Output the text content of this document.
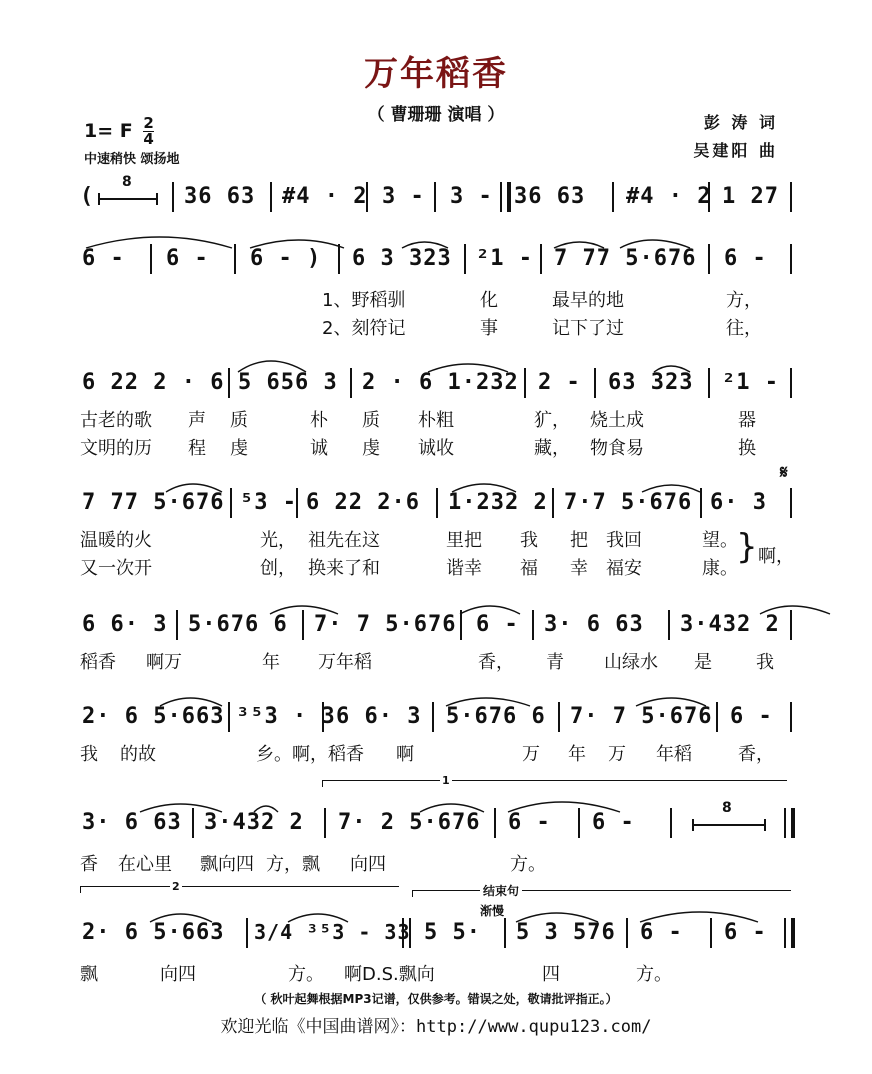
万年稻香
（ 曹珊珊 演唱 ）
1= F $\frac{2}{4}$
中速稍快 颂扬地
彭 涛 词
吴建阳 曲
(
8
36 63 #4 · 2 3 - 3 - 36 63 #4 · 2 1 27
6 - 6 - 6 - ) 6 3 323 ²1 - 7 77 5·676 6 -
1、野稻驯	化	最早的地	方，
2、刻符记	事	记下了过	往，
6 22 2 · 6 5 656 3 2 · 6 1·232 2 - 63 323 ²1 -
古老的歌 声 质	朴 质 朴粗	犷， 烧土成	器
文明的历 程 虔	诚 虔 诚收	藏， 物食易	换
𝄋
7 77 5·676 ⁵3 - 6 22 2·6 1·232 2 7·7 5·676 6· 3
温暖的火	光， 祖先在这	里把 我 把 我回	望。
又一次开	创， 换来了和	谐幸 福 幸 福安	康。
} 啊，
6 6· 3 5·676 6 7· 7 5·676 6 - 3· 6 63 3·432 2
稻香 啊万	年 万年稻	香， 青 山绿水 是 我
2· 6 5·663 ³⁵3 · 3 6 6· 3 5·676 6 7· 7 5·676 6 -
我 的故	乡。啊，稻香 啊	万 年 万 年稻	香，
1
3· 6 63 3·432 2 7· 2 5·676 6 - 6 -
8
香 在心里 飘向四 方，飘 向四	方。
2	结束句
渐慢
2· 6 5·663 3/4 ³⁵3 - 33 5 5· 5 3 576 6 - 6 -
飘	向四	方。 啊D.S.飘向	四	方。
（ 秋叶起舞根据MP3记谱，仅供参考。错误之处，敬请批评指正。）
欢迎光临《中国曲谱网》：http://www.qupu123.com/
